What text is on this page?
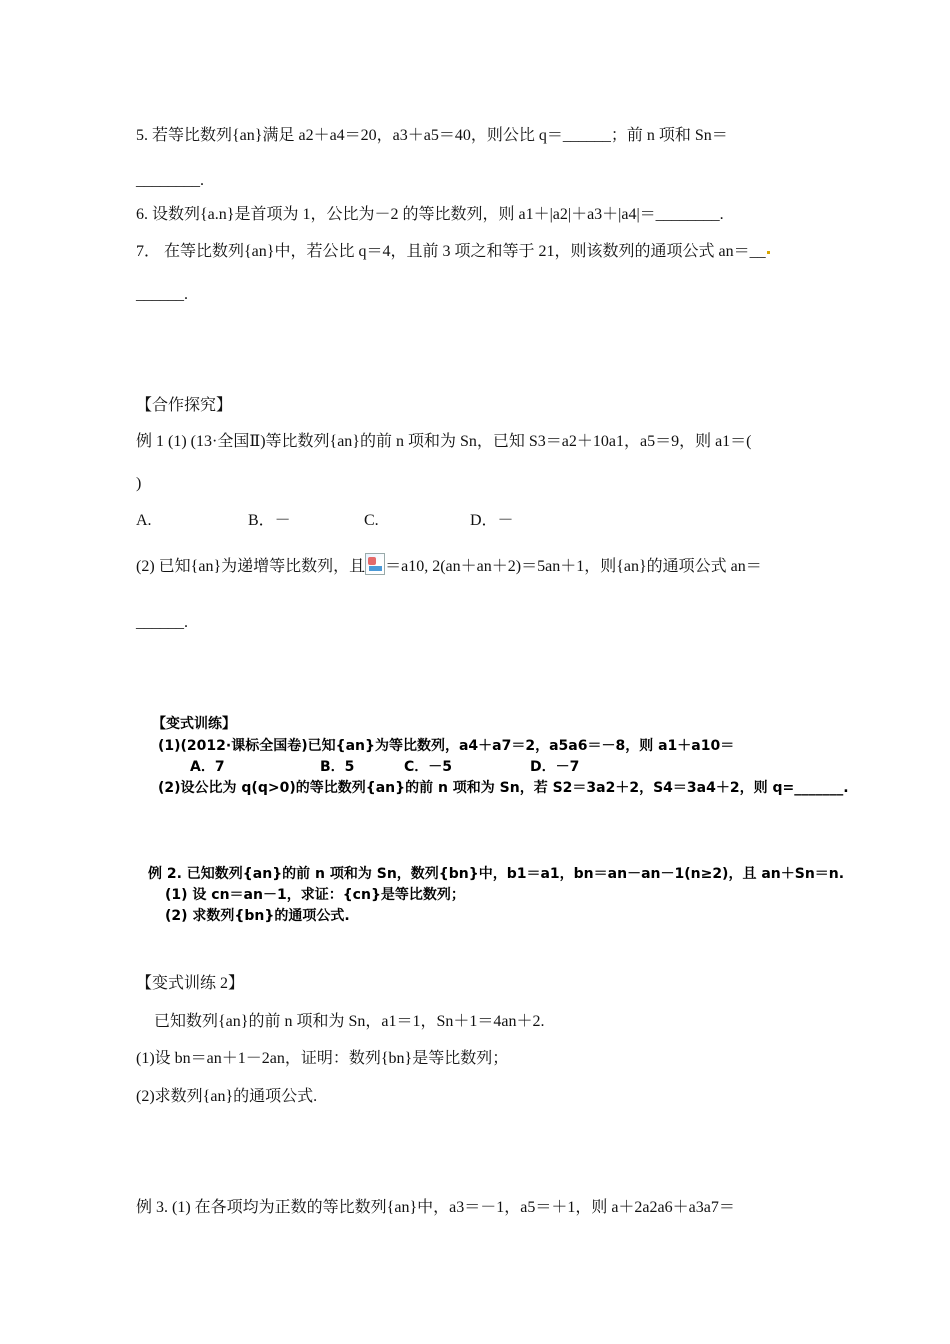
5. 若等比数列{an}满足 a2＋a4＝20，a3＋a5＝40，则公比 q＝______；前 n 项和 Sn＝
________.
6. 设数列{a.n}是首项为 1，公比为－2 的等比数列，则 a1＋|a2|＋a3＋|a4|＝________.
7． 在等比数列{an}中，若公比 q＝4，且前 3 项之和等于 21，则该数列的通项公式 an＝__
______.
【合作探究】
例 1 (1) (13·全国Ⅱ)等比数列{an}的前 n 项和为 Sn，已知 S3＝a2＋10a1，a5＝9，则 a1＝(
)
A.	B．－	C.	D．－
(2) 已知{an}为递增等比数列，且 ＝a10, 2(an＋an＋2)＝5an＋1，则{an}的通项公式 an＝
______.
【变式训练】
(1)(2012·课标全国卷)已知{an}为等比数列，a4＋a7＝2，a5a6＝－8，则 a1＋a10＝
A．7	B．5	C．－5	D．－7
(2)设公比为 q(q>0)的等比数列{an}的前 n 项和为 Sn，若 S2＝3a2＋2，S4＝3a4＋2，则 q=_______.
例 2. 已知数列{an}的前 n 项和为 Sn，数列{bn}中，b1＝a1，bn＝an－an－1(n≥2)，且 an＋Sn＝n.
(1) 设 cn＝an－1，求证：{cn}是等比数列；
(2) 求数列{bn}的通项公式.
【变式训练 2】
已知数列{an}的前 n 项和为 Sn，a1＝1，Sn＋1＝4an＋2.
(1)设 bn＝an＋1－2an，证明：数列{bn}是等比数列；
(2)求数列{an}的通项公式.
例 3. (1) 在各项均为正数的等比数列{an}中，a3＝－1，a5＝＋1，则 a＋2a2a6＋a3a7＝
